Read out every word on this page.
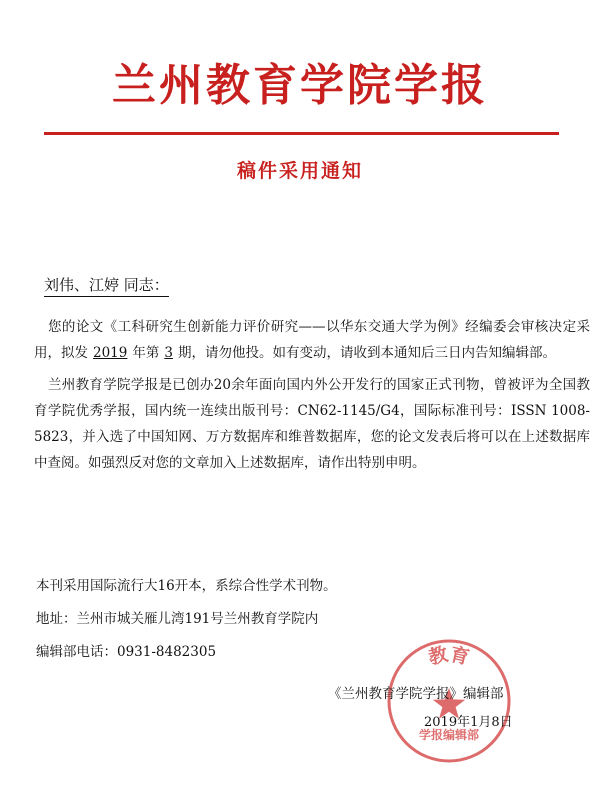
兰州教育学院学报
稿件采用通知
刘伟、江婷 同志：

您的论文《工科研究生创新能力评价研究——以华东交通大学为例》经编委会审核决定采用，拟发 2019 年第 3 期，请勿他投。如有变动，请收到本通知后三日内告知编辑部。

兰州教育学院学报是已创办20余年面向国内外公开发行的国家正式刊物，曾被评为全国教育学院优秀学报，国内统一连续出版刊号：CN62-1145/G4，国际标准刊号：ISSN 1008-5823，并入选了中国知网、万方数据库和维普数据库，您的论文发表后将可以在上述数据库中查阅。如强烈反对您的文章加入上述数据库，请作出特别申明。

本刊采用国际流行大16开本，系综合性学术刊物。
地址：兰州市城关雁儿湾191号兰州教育学院内
编辑部电话：0931-8482305	教育
学报编辑部
《兰州教育学院学报》编辑部
2019年1月8日
